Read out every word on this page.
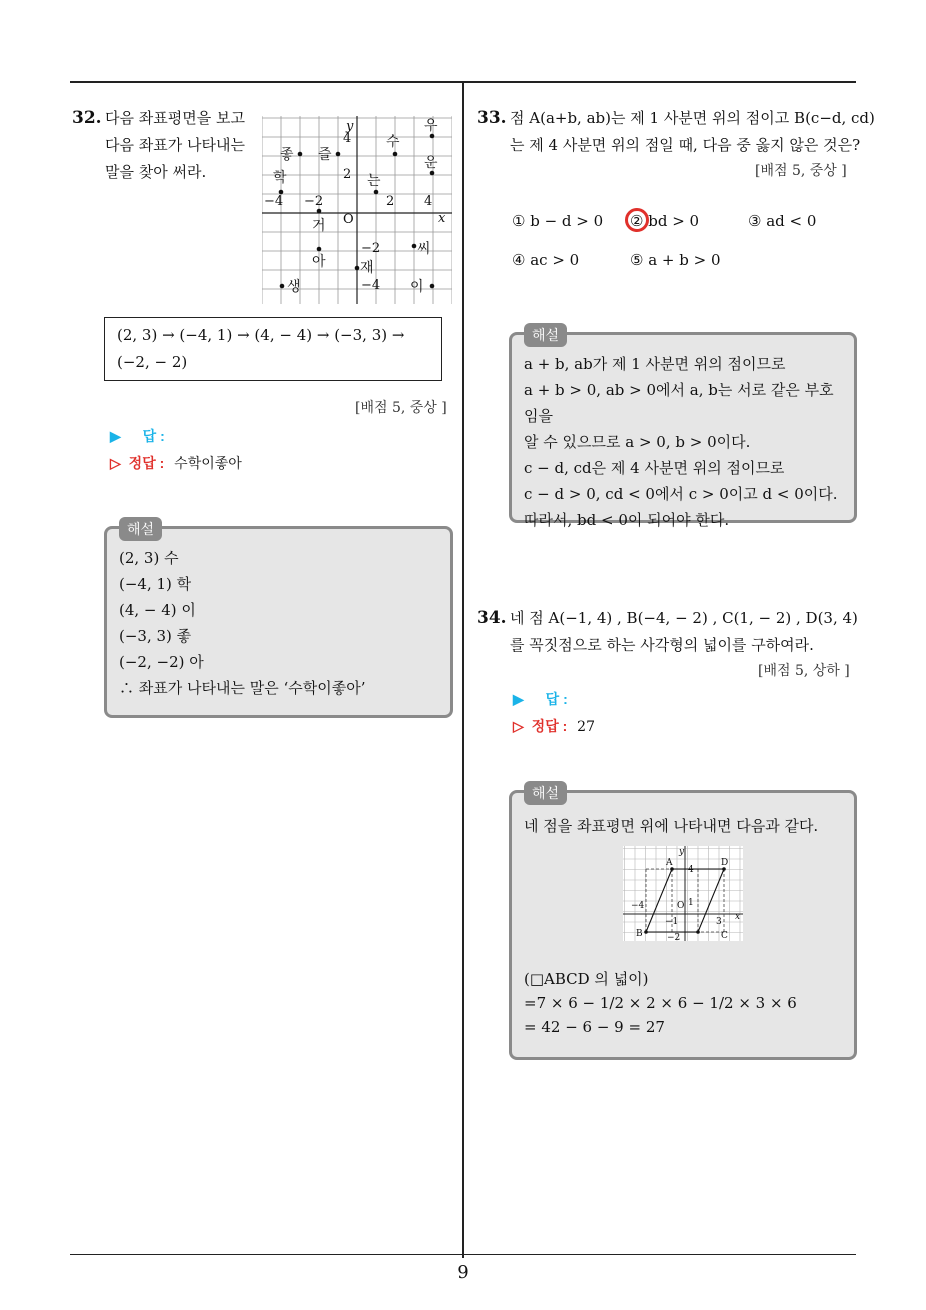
9
32. 다음 좌표평면을 보고
다음 좌표가 나타내는
말을 찾아 써라.
y
x
O
−4 −2	2 4
4
2
−2
−4
우
좋 즐
수
운
학	는
거
아 재
씨
생	이
(2, 3) → (−4, 1) → (4, − 4) → (−3, 3) →
(−2, − 2)
[배점 5, 중상 ]
▶ 답 :
▷ 정답 : 수학이좋아
해설
(2, 3) 수
(−4, 1) 학
(4, − 4) 이
(−3, 3) 좋
(−2, −2) 아
∴ 좌표가 나타내는 말은 ‘수학이좋아’
33. 점 A(a+b, ab)는 제 1 사분면 위의 점이고 B(c−d, cd)
는 제 4 사분면 위의 점일 때, 다음 중 옳지 않은 것은?
[배점 5, 중상 ]
① b − d > 0 ② bd > 0	③ ad < 0
④ ac > 0	⑤ a + b > 0
해설
a + b, ab가 제 1 사분면 위의 점이므로
a + b > 0, ab > 0에서 a, b는 서로 같은 부호임을
알 수 있으므로 a > 0, b > 0이다.
c − d, cd은 제 4 사분면 위의 점이므로
c − d > 0, cd < 0에서 c > 0이고 d < 0이다.
따라서, bd < 0이 되어야 한다.
34. 네 점 A(−1, 4) , B(−4, − 2) , C(1, − 2) , D(3, 4)
를 꼭짓점으로 하는 사각형의 넓이를 구하여라.
[배점 5, 상하 ]
▶ 답 :
▷ 정답 : 27
해설
네 점을 좌표평면 위에 나타내면 다음과 같다.
(□ABCD 의 넓이)
=7 × 6 − 1/2 × 2 × 6 − 1/2 × 3 × 6
= 42 − 6 − 9 = 27
A
B	C
D
O
x
y
4
−4
−2
3
1
−1
